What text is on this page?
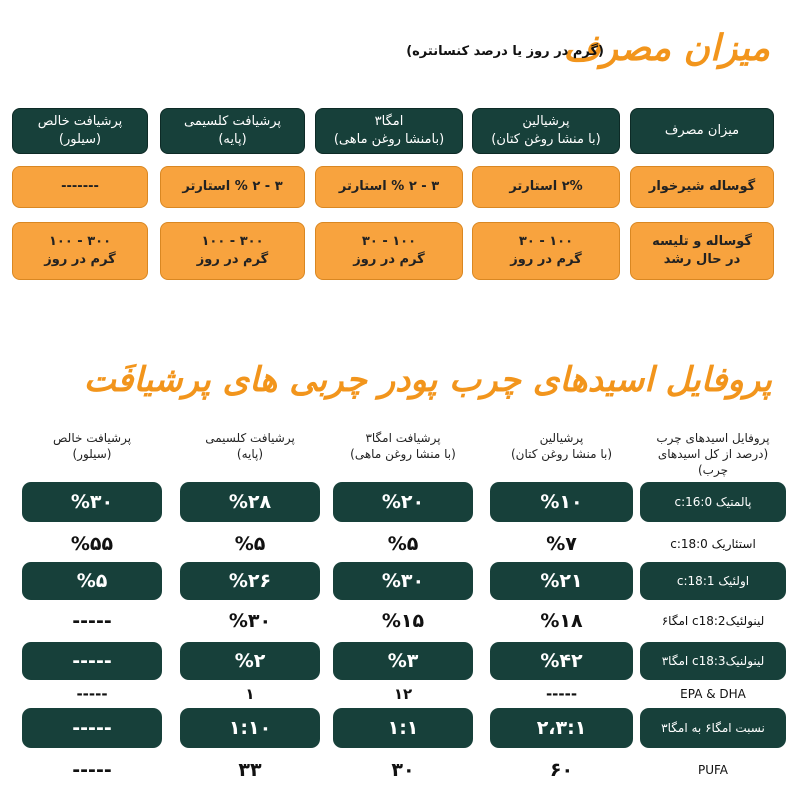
میزان مصرف
(گرم در روز یا درصد کنسانتره)
میزان مصرف
پرشیالین
(با منشا روغن کتان)
امگا۳
(بامنشا روغن ماهی)
پرشیافت کلسیمی
(پایه)
پرشیافت خالص
(سیلور)
گوساله شیرخوار
۲% استارتر
۳ - ۲ % استارتر
۳ - ۲ % استارتر
-------
گوساله و تلیسه
در حال رشد
۱۰۰ - ۳۰
گرم در روز
۱۰۰ - ۳۰
گرم در روز
۳۰۰ - ۱۰۰
گرم در روز
۳۰۰ - ۱۰۰
گرم در روز
پروفایل اسیدهای چرب پودر چربی های پرشیافَت
پروفایل اسیدهای چرب
(درصد از کل اسیدهای
چرب)
پرشیالین
(با منشا روغن کتان)
پرشیافت امگا۳
(با منشا روغن ماهی)
پرشیافت کلسیمی
(پایه)
پرشیافت خالص
(سیلور)
پالمتیک c:16:0
%۱۰
%۲۰
%۲۸
%۳۰
استئاریک c:18:0
%۷
%۵
%۵
%۵۵
اولئیک c:18:1
%۲۱
%۳۰
%۲۶
%۵
لینولئیکc18:2 امگا۶
%۱۸
%۱۵
%۳۰
-----
لینولنیکc18:3 امگا۳
%۴۲
%۳
%۲
-----
EPA & DHA
-----
۱۲
۱
-----
نسبت امگا۶ به امگا۳
۲،۳:۱
۱:۱
۱:۱۰
-----
PUFA
۶۰
۳۰
۳۳
-----
